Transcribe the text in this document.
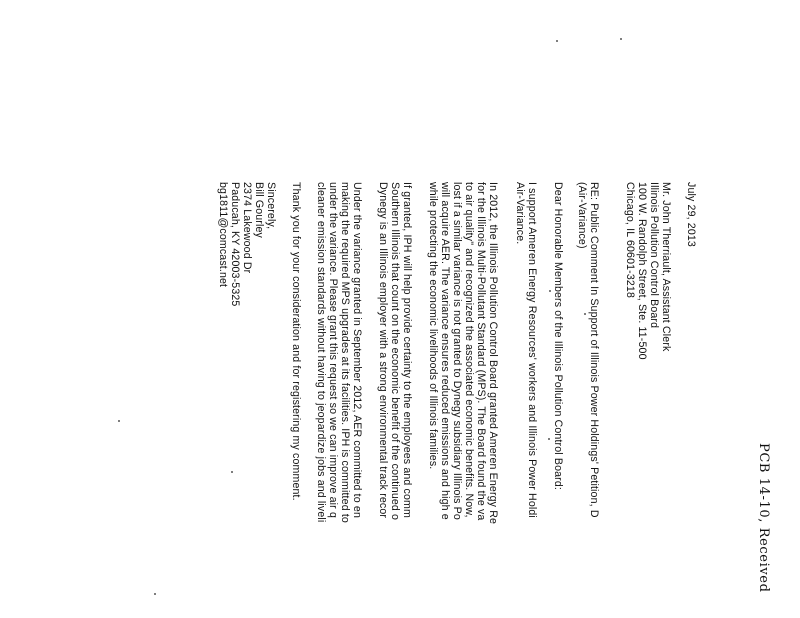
PCB 14-10, Received
July 29, 2013
Mr. John Therriault, Assistant Clerk
Illinois Pollution Control Board
100 W. Randolph Street, Ste. 11-500
Chicago, IL 60601-3218
RE: Public Comment In Support of Illinois Power Holdings' Petition, D
(Air-Variance)
Dear Honorable Members of the Illinois Pollution Control Board:
I support Ameren Energy Resources' workers and Illinois Power Holdi
Air-Variance.
In 2012, the Illinois Pollution Control Board granted Ameren Energy Re
for the Illinois Multi-Pollutant Standard (MPS). The Board found the va
to air quality" and recognized the associated economic benefits. Now,
lost if a similar variance is not granted to Dynegy subsidiary Illinois Po
will acquire AER. The variance ensures reduced emissions and high e
while protecting the economic livelihoods of Illinois families.
If granted, IPH will help provide certainty to the employees and comm
Southern Illinois that count on the economic benefit of the continued o
Dynegy is an Illinois employer with a strong environmental track recor
Under the variance granted in September 2012, AER committed to en
making the required MPS upgrades at its facilities. IPH is committed to
under the variance. Please grant this request so we can improve air q
cleaner emission standards without having to jeopardize jobs and liveli
Thank you for your consideration and for registering my comment.
Sincerely,
Bill Gourley
2374 Lakewood Dr
Paducah, KY 42003-5325
bg1811@comcast.net
